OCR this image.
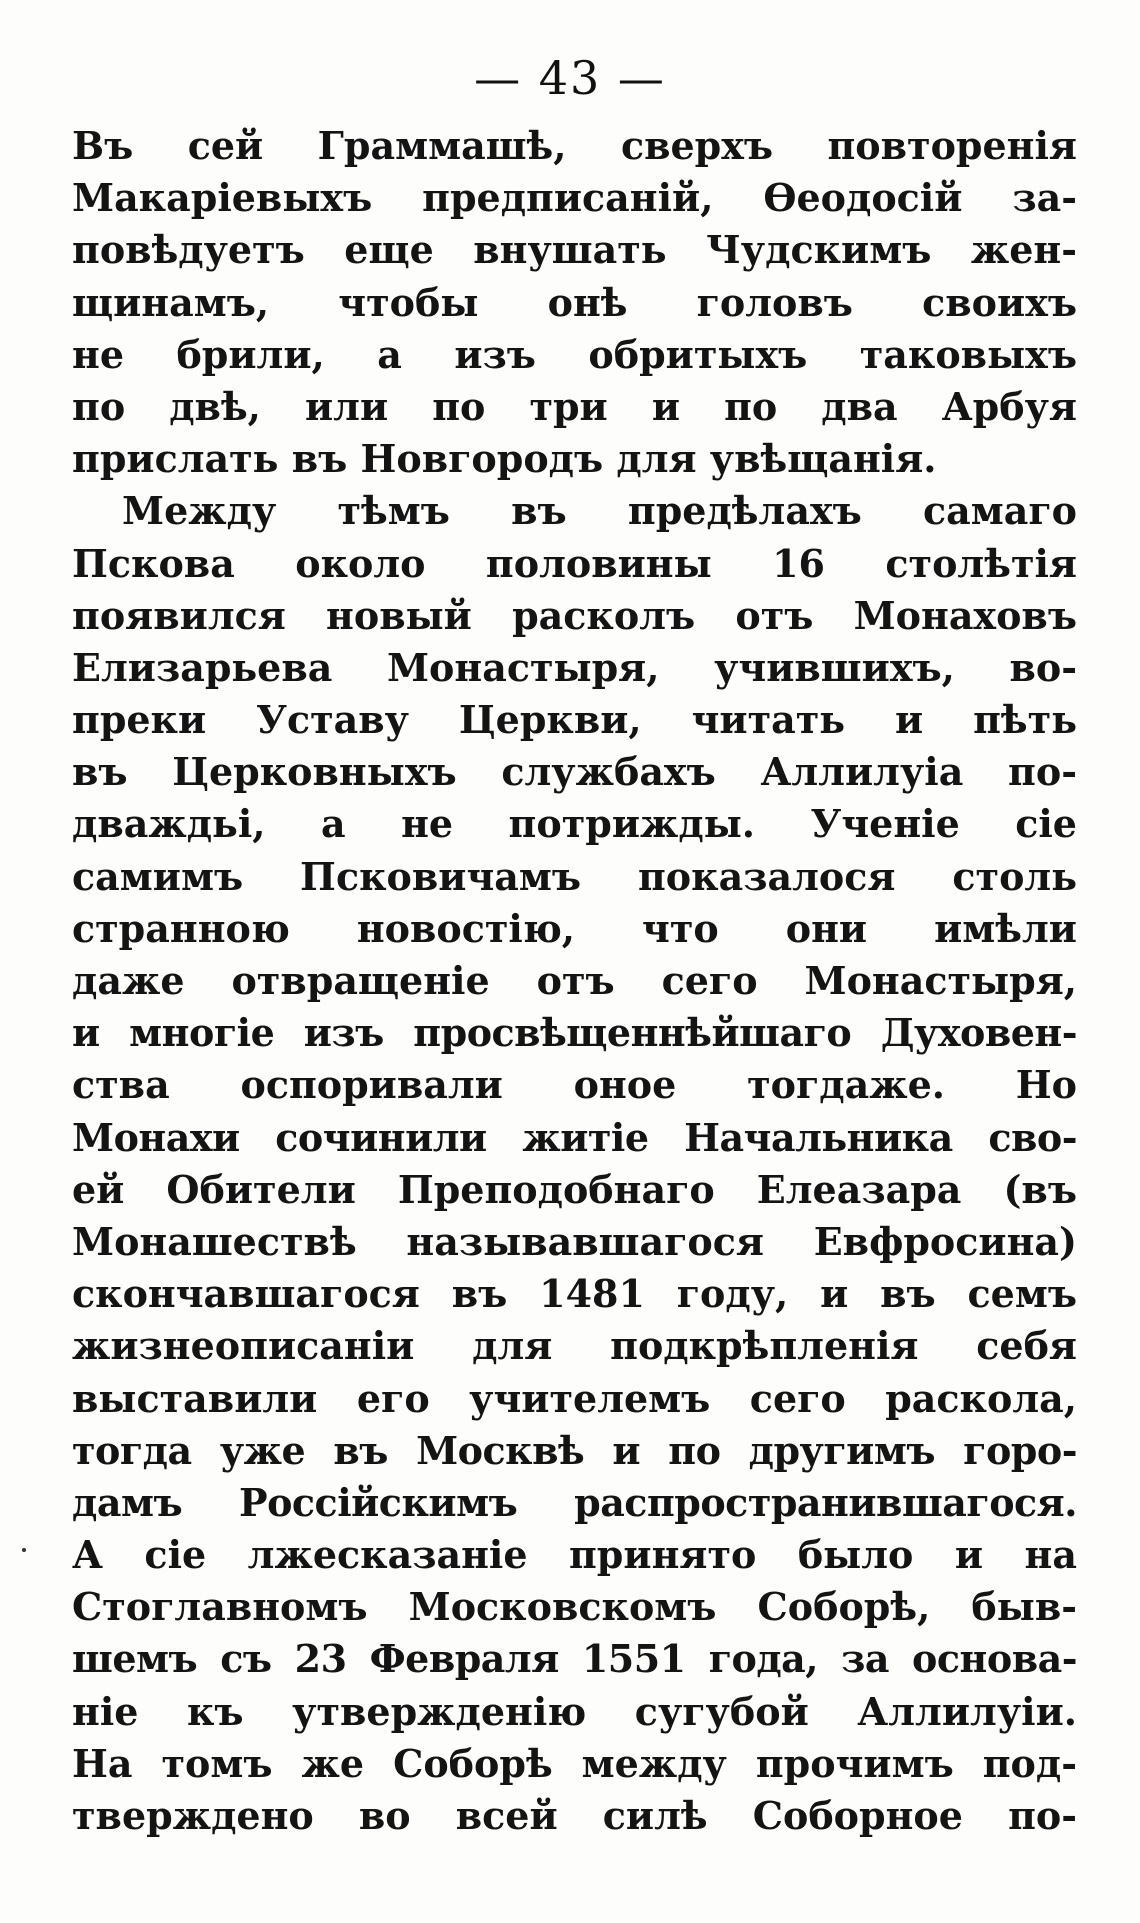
— 43 —
Въ сей Граммашѣ, сверхъ повторенія
Макаріевыхъ предписаній, Ѳеодосій за-
повѣдуетъ еще внушать Чудскимъ жен-
щинамъ, чтобы онѣ головъ своихъ
не брили, а изъ обритыхъ таковыхъ
по двѣ, или по три и по два Арбуя
прислать въ Новгородъ для увѣщанія.
Между тѣмъ въ предѣлахъ самаго
Пскова около половины 16 столѣтія
появился новый расколъ отъ Монаховъ
Елизарьева Монастыря, учившихъ, во-
преки Уставу Церкви, читать и пѣть
въ Церковныхъ службахъ Аллилуіа по-
дваждьі, а не потрижды. Ученіе сіе
самимъ Псковичамъ показалося столь
странною новостію, что они имѣли
даже отвращеніе отъ сего Монастыря,
и многіе изъ просвѣщеннѣйшаго Духовен-
ства оспоривали оное тогдаже. Но
Монахи сочинили житіе Начальника сво-
ей Обители Преподобнаго Елеазара (въ
Монашествѣ называвшагося Евфросина)
скончавшагося въ 1481 году, и въ семъ
жизнеописаніи для подкрѣпленія себя
выставили его учителемъ сего раскола,
тогда уже въ Москвѣ и по другимъ горо-
дамъ Россійскимъ распространившагося.
А сіе лжесказаніе принято было и на
Стоглавномъ Московскомъ Соборѣ, быв-
шемъ съ 23 Февраля 1551 года, за основа-
ніе къ утвержденію сугубой Аллилуіи.
На томъ же Соборѣ между прочимъ под-
тверждено во всей силѣ Соборное по-
